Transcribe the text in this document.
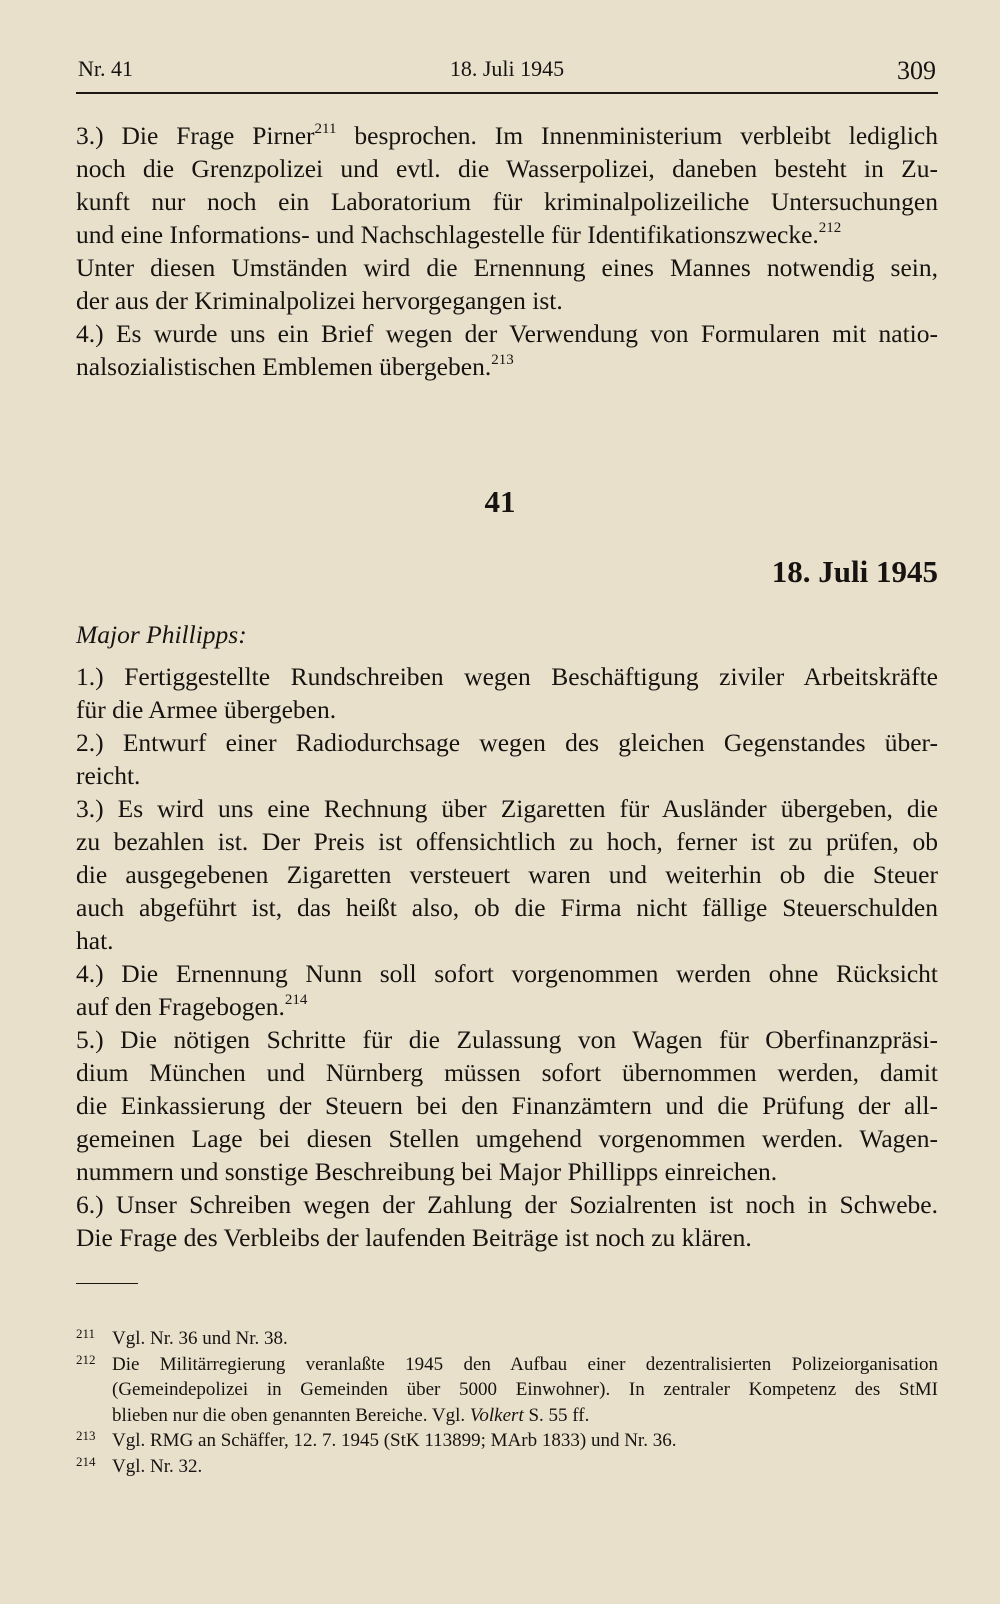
Nr. 41	18. Juli 1945	309
3.) Die Frage Pirner$^{211}$ besprochen. Im Innenministerium verbleibt lediglich
noch die Grenzpolizei und evtl. die Wasserpolizei, daneben besteht in Zu-
kunft nur noch ein Laboratorium für kriminalpolizeiliche Untersuchungen
und eine Informations- und Nachschlagestelle für Identifikationszwecke.$^{212}$
Unter diesen Umständen wird die Ernennung eines Mannes notwendig sein,
der aus der Kriminalpolizei hervorgegangen ist.
4.) Es wurde uns ein Brief wegen der Verwendung von Formularen mit natio-
nalsozialistischen Emblemen übergeben.$^{213}$
41
18. Juli 1945
Major Phillipps:
1.) Fertiggestellte Rundschreiben wegen Beschäftigung ziviler Arbeitskräfte
für die Armee übergeben.
2.) Entwurf einer Radiodurchsage wegen des gleichen Gegenstandes über-
reicht.
3.) Es wird uns eine Rechnung über Zigaretten für Ausländer übergeben, die
zu bezahlen ist. Der Preis ist offensichtlich zu hoch, ferner ist zu prüfen, ob
die ausgegebenen Zigaretten versteuert waren und weiterhin ob die Steuer
auch abgeführt ist, das heißt also, ob die Firma nicht fällige Steuerschulden
hat.
4.) Die Ernennung Nunn soll sofort vorgenommen werden ohne Rücksicht
auf den Fragebogen.$^{214}$
5.) Die nötigen Schritte für die Zulassung von Wagen für Oberfinanzpräsi-
dium München und Nürnberg müssen sofort übernommen werden, damit
die Einkassierung der Steuern bei den Finanzämtern und die Prüfung der all-
gemeinen Lage bei diesen Stellen umgehend vorgenommen werden. Wagen-
nummern und sonstige Beschreibung bei Major Phillipps einreichen.
6.) Unser Schreiben wegen der Zahlung der Sozialrenten ist noch in Schwebe.
Die Frage des Verbleibs der laufenden Beiträge ist noch zu klären.
211 Vgl. Nr. 36 und Nr. 38.
212 Die Militärregierung veranlaßte 1945 den Aufbau einer dezentralisierten Polizeiorganisation
(Gemeindepolizei in Gemeinden über 5000 Einwohner). In zentraler Kompetenz des StMI
blieben nur die oben genannten Bereiche. Vgl. Volkert S. 55 ff.
213 Vgl. RMG an Schäffer, 12. 7. 1945 (StK 113899; MArb 1833) und Nr. 36.
214 Vgl. Nr. 32.
